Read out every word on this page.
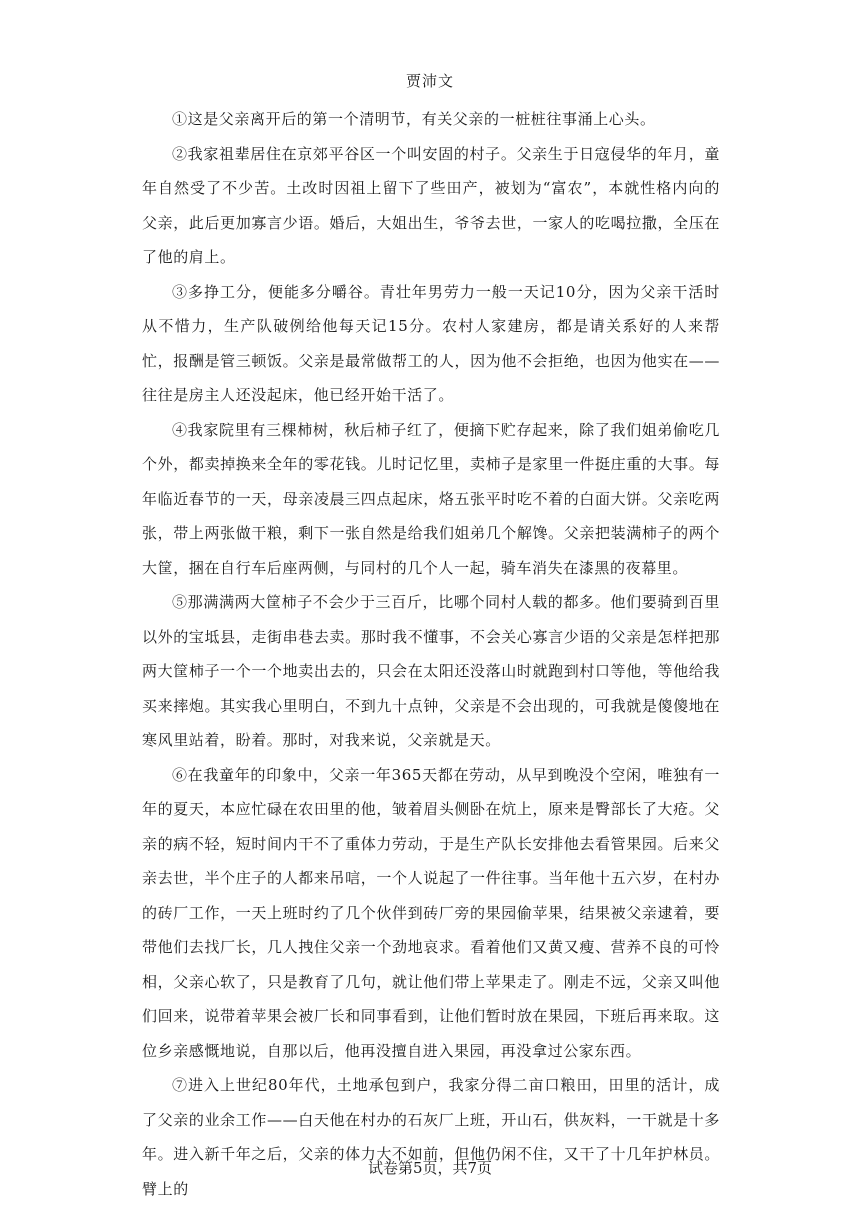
贾沛文

①这是父亲离开后的第一个清明节，有关父亲的一桩桩往事涌上心头。

②我家祖辈居住在京郊平谷区一个叫安固的村子。父亲生于日寇侵华的年月，童年自然受了不少苦。土改时因祖上留下了些田产，被划为“富农”，本就性格内向的父亲，此后更加寡言少语。婚后，大姐出生，爷爷去世，一家人的吃喝拉撒，全压在了他的肩上。

③多挣工分，便能多分嚼谷。青壮年男劳力一般一天记10分，因为父亲干活时从不惜力，生产队破例给他每天记15分。农村人家建房，都是请关系好的人来帮忙，报酬是管三顿饭。父亲是最常做帮工的人，因为他不会拒绝，也因为他实在——往往是房主人还没起床，他已经开始干活了。

④我家院里有三棵柿树，秋后柿子红了，便摘下贮存起来，除了我们姐弟偷吃几个外，都卖掉换来全年的零花钱。儿时记忆里，卖柿子是家里一件挺庄重的大事。每年临近春节的一天，母亲凌晨三四点起床，烙五张平时吃不着的白面大饼。父亲吃两张，带上两张做干粮，剩下一张自然是给我们姐弟几个解馋。父亲把装满柿子的两个大筐，捆在自行车后座两侧，与同村的几个人一起，骑车消失在漆黑的夜幕里。

⑤那满满两大筐柿子不会少于三百斤，比哪个同村人载的都多。他们要骑到百里以外的宝坻县，走街串巷去卖。那时我不懂事，不会关心寡言少语的父亲是怎样把那两大筐柿子一个一个地卖出去的，只会在太阳还没落山时就跑到村口等他，等他给我买来摔炮。其实我心里明白，不到九十点钟，父亲是不会出现的，可我就是傻傻地在寒风里站着，盼着。那时，对我来说，父亲就是天。

⑥在我童年的印象中，父亲一年365天都在劳动，从早到晚没个空闲，唯独有一年的夏天，本应忙碌在农田里的他，皱着眉头侧卧在炕上，原来是臀部长了大疮。父亲的病不轻，短时间内干不了重体力劳动，于是生产队长安排他去看管果园。后来父亲去世，半个庄子的人都来吊唁，一个人说起了一件往事。当年他十五六岁，在村办的砖厂工作，一天上班时约了几个伙伴到砖厂旁的果园偷苹果，结果被父亲逮着，要带他们去找厂长，几人拽住父亲一个劲地哀求。看着他们又黄又瘦、营养不良的可怜相，父亲心软了，只是教育了几句，就让他们带上苹果走了。刚走不远，父亲又叫他们回来，说带着苹果会被厂长和同事看到，让他们暂时放在果园，下班后再来取。这位乡亲感慨地说，自那以后，他再没擅自进入果园，再没拿过公家东西。

⑦进入上世纪80年代，土地承包到户，我家分得二亩口粮田，田里的活计，成了父亲的业余工作——白天他在村办的石灰厂上班，开山石，供灰料，一干就是十多年。进入新千年之后，父亲的体力大不如前，但他仍闲不住，又干了十几年护林员。臂上的

试卷第5页，共7页
